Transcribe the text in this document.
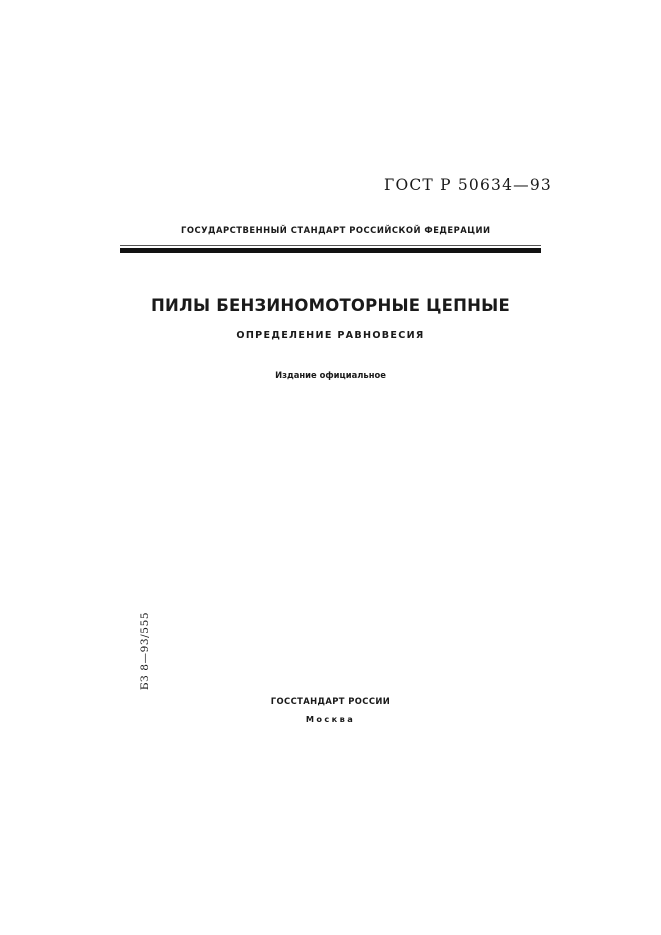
ГОСТ Р 50634—93
ГОСУДАРСТВЕННЫЙ СТАНДАРТ РОССИЙСКОЙ ФЕДЕРАЦИИ
ПИЛЫ БЕНЗИНОМОТОРНЫЕ ЦЕПНЫЕ
ОПРЕДЕЛЕНИЕ РАВНОВЕСИЯ
Издание официальное
БЗ 8—93/555
ГОССТАНДАРТ РОССИИ
Москва
